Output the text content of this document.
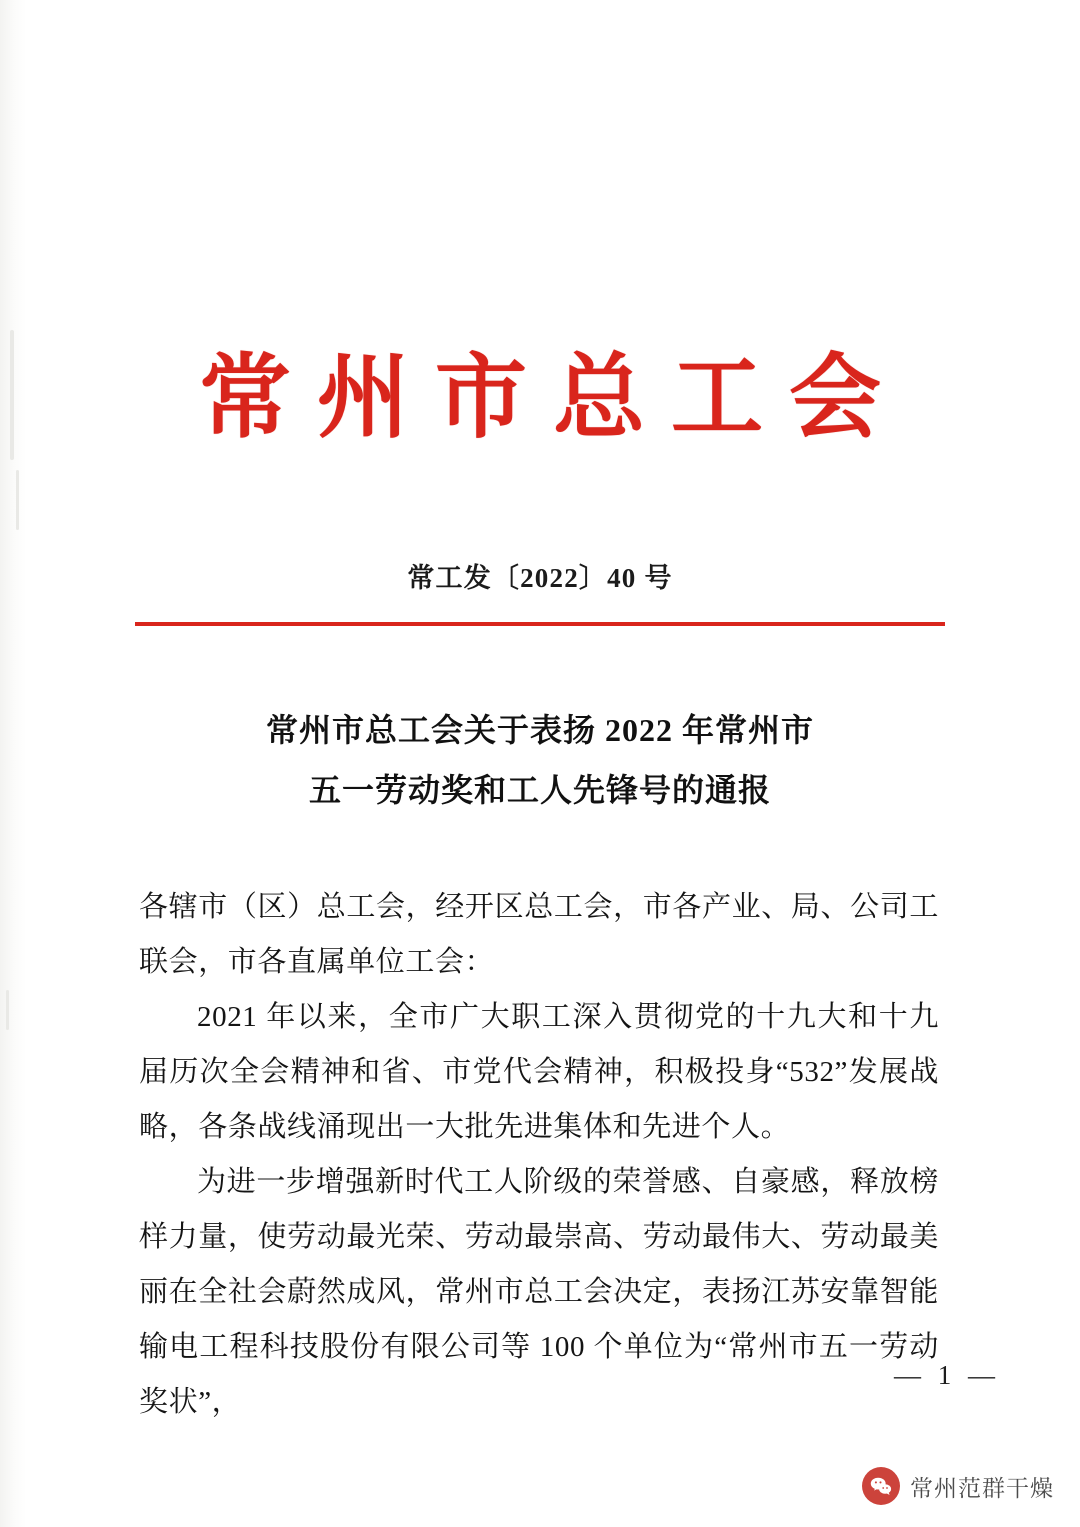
常州市总工会
常工发〔2022〕40 号
常州市总工会关于表扬 2022 年常州市
五一劳动奖和工人先锋号的通报

各辖市（区）总工会，经开区总工会，市各产业、局、公司工联会，市各直属单位工会：

2021 年以来，全市广大职工深入贯彻党的十九大和十九届历次全会精神和省、市党代会精神，积极投身“532”发展战略，各条战线涌现出一大批先进集体和先进个人。

为进一步增强新时代工人阶级的荣誉感、自豪感，释放榜样力量，使劳动最光荣、劳动最崇高、劳动最伟大、劳动最美丽在全社会蔚然成风，常州市总工会决定，表扬江苏安靠智能输电工程科技股份有限公司等 100 个单位为“常州市五一劳动奖状”，

— 1 —
常州范群干燥
